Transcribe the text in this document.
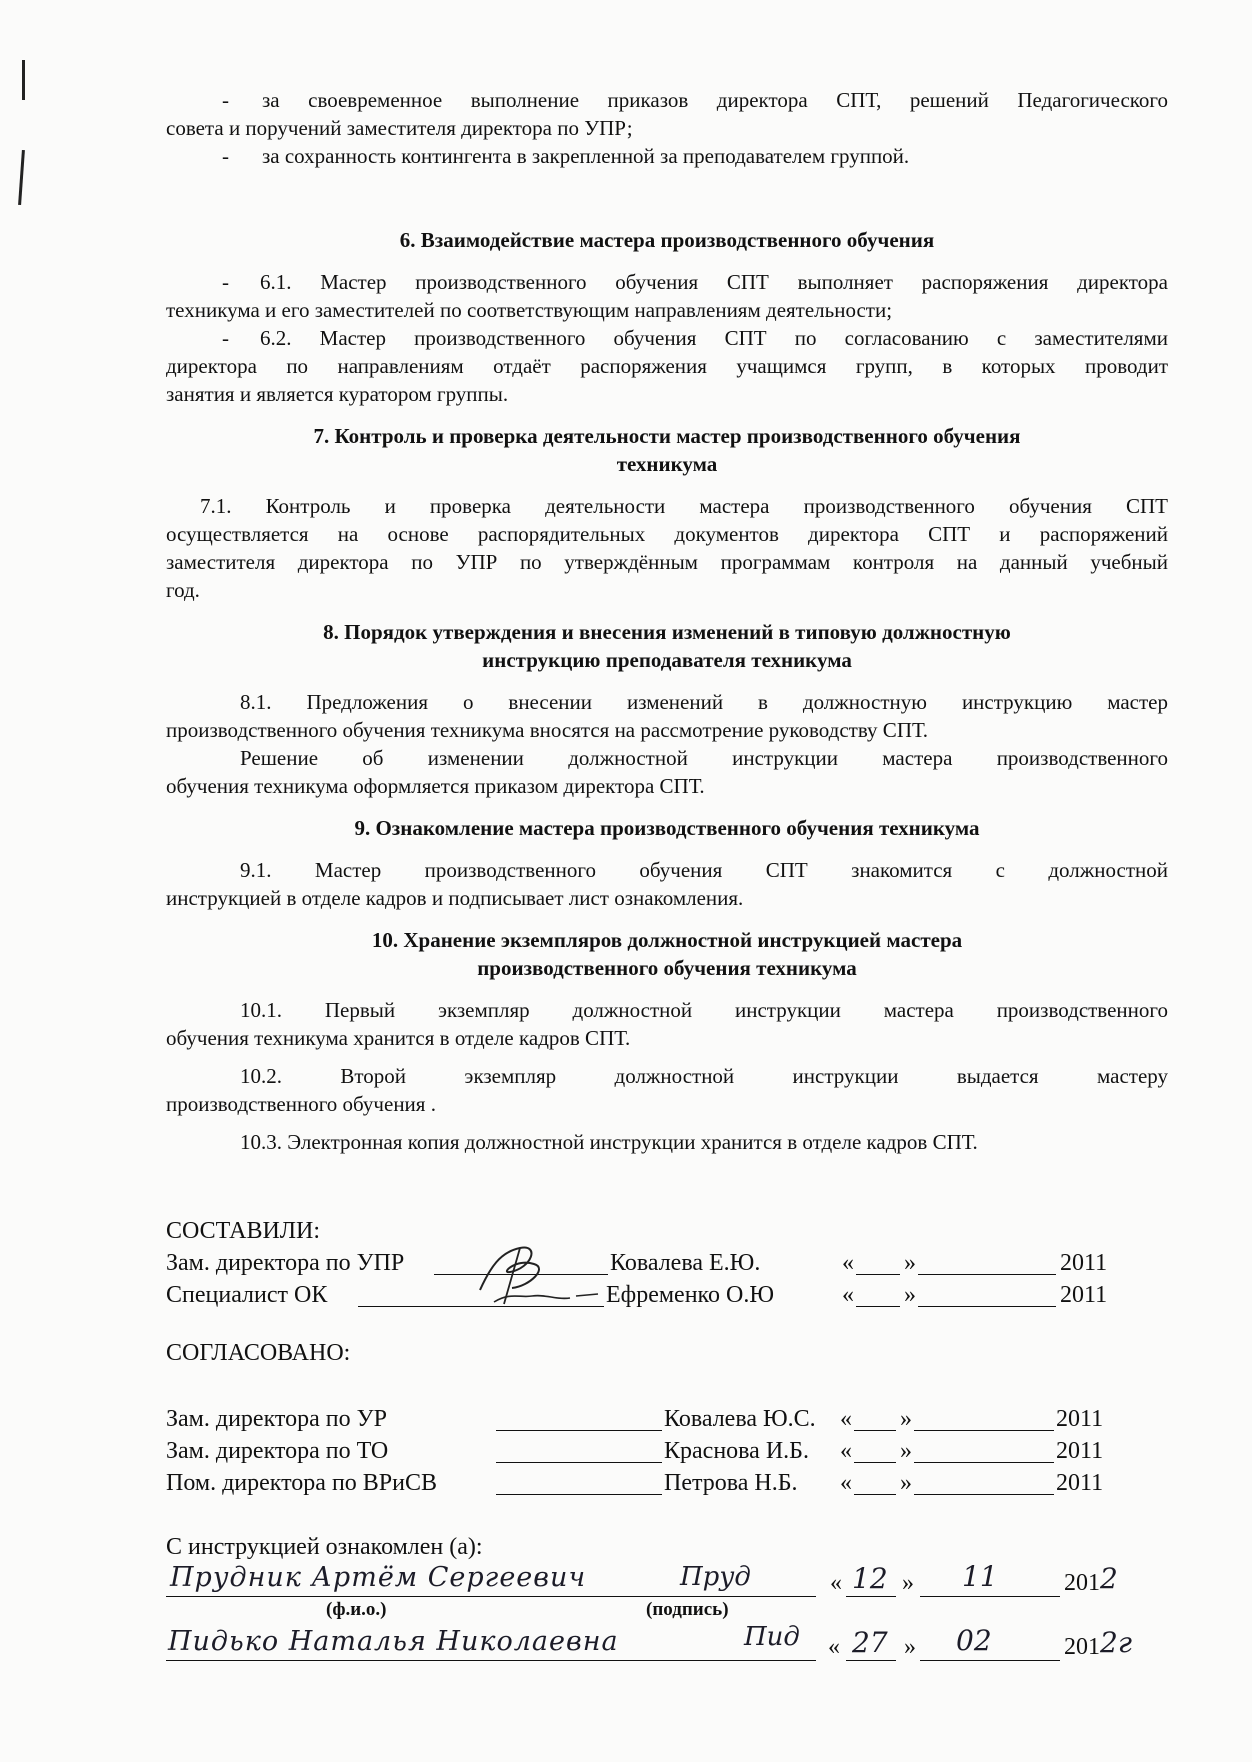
- за своевременное выполнение приказов директора СПТ, решений Педагогического
совета и поручений заместителя директора по УПР;
- за сохранность контингента в закрепленной за преподавателем группой.
6. Взаимодействие мастера производственного обучения
- 6.1. Мастер производственного обучения СПТ выполняет распоряжения директора
техникума и его заместителей по соответствующим направлениям деятельности;
- 6.2. Мастер производственного обучения СПТ по согласованию с заместителями
директора по направлениям отдаёт распоряжения учащимся групп, в которых проводит
занятия и является куратором группы.
7. Контроль и проверка деятельности мастер производственного обучения
техникума
7.1. Контроль и проверка деятельности мастера производственного обучения СПТ
осуществляется на основе распорядительных документов директора СПТ и распоряжений
заместителя директора по УПР по утверждённым программам контроля на данный учебный
год.
8. Порядок утверждения и внесения изменений в типовую должностную
инструкцию преподавателя техникума
8.1. Предложения о внесении изменений в должностную инструкцию мастер
производственного обучения техникума вносятся на рассмотрение руководству СПТ.
Решение об изменении должностной инструкции мастера производственного
обучения техникума оформляется приказом директора СПТ.
9. Ознакомление мастера производственного обучения техникума
9.1. Мастер производственного обучения СПТ знакомится с должностной
инструкцией в отделе кадров и подписывает лист ознакомления.
10. Хранение экземпляров должностной инструкцией мастера
производственного обучения техникума
10.1. Первый экземпляр должностной инструкции мастера производственного
обучения техникума хранится в отделе кадров СПТ.
10.2. Второй экземпляр должностной инструкции выдается мастеру
производственного обучения .
10.3. Электронная копия должностной инструкции хранится в отделе кадров СПТ.
СОСТАВИЛИ:
Зам. директора по УПР	Ковалева Е.Ю.	« »	2011
Специалист ОК	Ефременко О.Ю	« »	2011
СОГЛАСОВАНО:
Зам. директора по УР	Ковалева Ю.С. « »	2011
Зам. директора по ТО	Краснова И.Б. « »	2011
Пом. директора по ВРиСВ	Петрова Н.Б. « »	2011
С инструкцией ознакомлен (а):
Прудник Артём Сергеевич	Пруд	« 12 » 11	201 2
(ф.и.о.)	(подпись)
Пидько Наталья Николаевна	Пид « 27 » 02	201 2г
